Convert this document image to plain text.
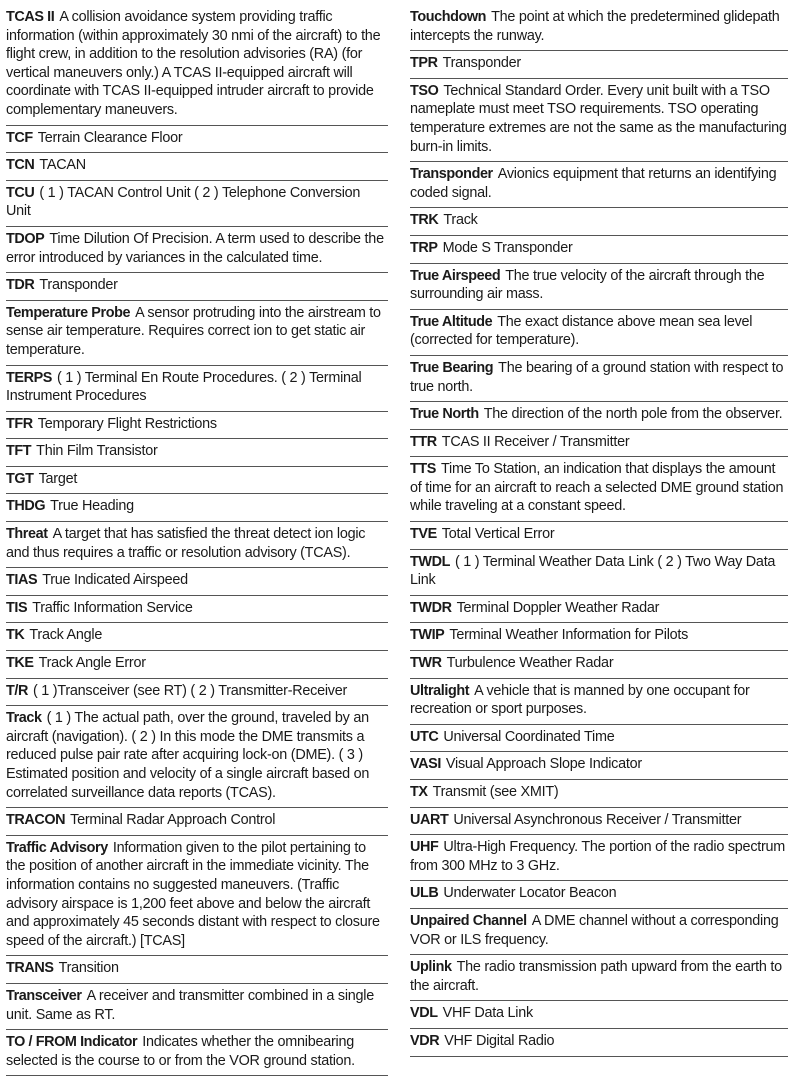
TCAS II A collision avoidance system providing traffic information (within approximately 30 nmi of the aircraft) to the flight crew, in addition to the resolution advisories (RA) (for vertical maneuvers only.) A TCAS II-equipped aircraft will coordinate with TCAS II-equipped intruder aircraft to provide complementary maneuvers.
TCF Terrain Clearance Floor
TCN TACAN
TCU ( 1 ) TACAN Control Unit ( 2 ) Telephone Conversion Unit
TDOP Time Dilution Of Precision. A term used to describe the error introduced by variances in the calculated time.
TDR Transponder
Temperature Probe A sensor protruding into the airstream to sense air temperature. Requires correct ion to get static air temperature.
TERPS ( 1 ) Terminal En Route Procedures. ( 2 ) Terminal Instrument Procedures
TFR Temporary Flight Restrictions
TFT Thin Film Transistor
TGT Target
THDG True Heading
Threat A target that has satisfied the threat detect ion logic and thus requires a traffic or resolution advisory (TCAS).
TIAS True Indicated Airspeed
TIS Traffic Information Service
TK Track Angle
TKE Track Angle Error
T/R ( 1 )Transceiver (see RT) ( 2 ) Transmitter-Receiver
Track ( 1 ) The actual path, over the ground, traveled by an aircraft (navigation). ( 2 ) In this mode the DME transmits a reduced pulse pair rate after acquiring lock-on (DME). ( 3 ) Estimated position and velocity of a single aircraft based on correlated surveillance data reports (TCAS).
TRACON Terminal Radar Approach Control
Traffic Advisory Information given to the pilot pertaining to the position of another aircraft in the immediate vicinity. The information contains no suggested maneuvers. (Traffic advisory airspace is 1,200 feet above and below the aircraft and approximately 45 seconds distant with respect to closure speed of the aircraft.) [TCAS]
TRANS Transition
Transceiver A receiver and transmitter combined in a single unit. Same as RT.
TO / FROM Indicator Indicates whether the omnibearing selected is the course to or from the VOR ground station.
Touchdown The point at which the predetermined glidepath intercepts the runway.
TPR Transponder
TSO Technical Standard Order. Every unit built with a TSO nameplate must meet TSO requirements. TSO operating temperature extremes are not the same as the manufacturing burn-in limits.
Transponder Avionics equipment that returns an identifying coded signal.
TRK Track
TRP Mode S Transponder
True Airspeed The true velocity of the aircraft through the surrounding air mass.
True Altitude The exact distance above mean sea level (corrected for temperature).
True Bearing The bearing of a ground station with respect to true north.
True North The direction of the north pole from the observer.
TTR TCAS II Receiver / Transmitter
TTS Time To Station, an indication that displays the amount of time for an aircraft to reach a selected DME ground station while traveling at a constant speed.
TVE Total Vertical Error
TWDL ( 1 ) Terminal Weather Data Link ( 2 ) Two Way Data Link
TWDR Terminal Doppler Weather Radar
TWIP Terminal Weather Information for Pilots
TWR Turbulence Weather Radar
Ultralight A vehicle that is manned by one occupant for recreation or sport purposes.
UTC Universal Coordinated Time
VASI Visual Approach Slope Indicator
TX Transmit (see XMIT)
UART Universal Asynchronous Receiver / Transmitter
UHF Ultra-High Frequency. The portion of the radio spectrum from 300 MHz to 3 GHz.
ULB Underwater Locator Beacon
Unpaired Channel A DME channel without a corresponding VOR or ILS frequency.
Uplink The radio transmission path upward from the earth to the aircraft.
VDL VHF Data Link
VDR VHF Digital Radio
